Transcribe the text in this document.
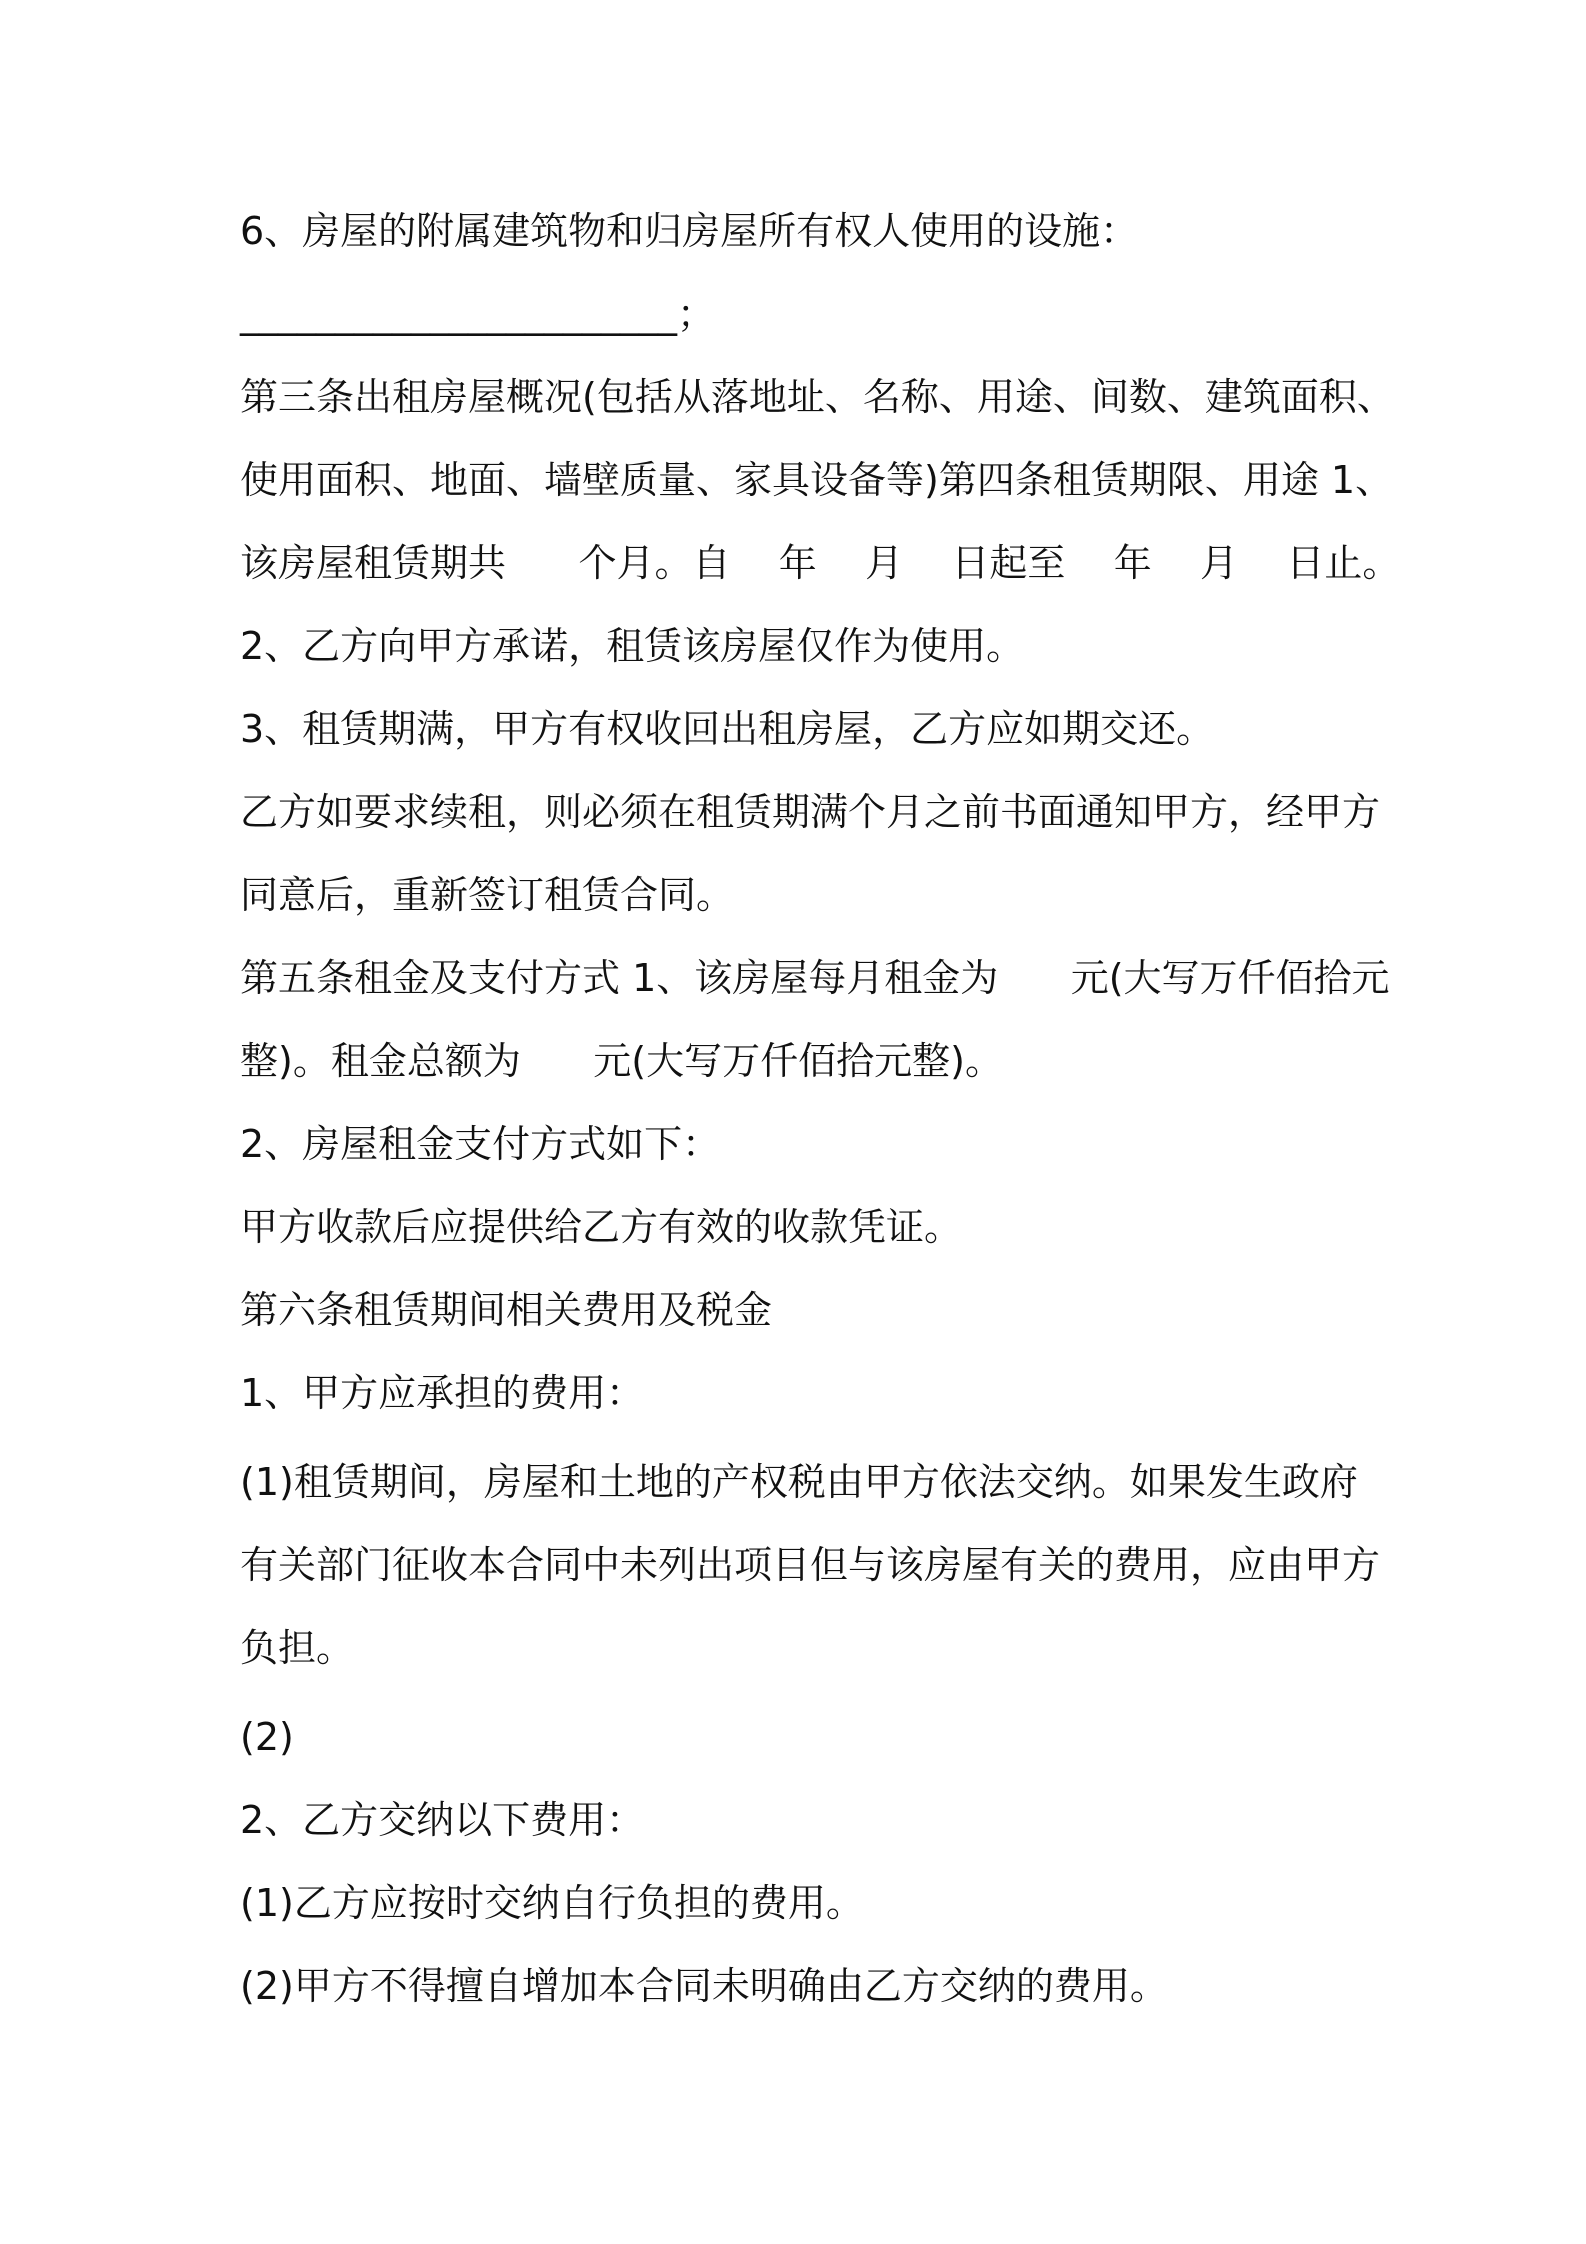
6、房屋的附属建筑物和归房屋所有权人使用的设施：
_______________________；
第三条出租房屋概况(包括从落地址、名称、用途、间数、建筑面积、
使用面积、地面、墙壁质量、家具设备等)第四条租赁期限、用途 1、
该房屋租赁期共      个月。自    年    月    日起至    年    月    日止。
2、乙方向甲方承诺，租赁该房屋仅作为使用。
3、租赁期满，甲方有权收回出租房屋，乙方应如期交还。
乙方如要求续租，则必须在租赁期满个月之前书面通知甲方，经甲方
同意后，重新签订租赁合同。
第五条租金及支付方式 1、该房屋每月租金为      元(大写万仟佰拾元
整)。租金总额为      元(大写万仟佰拾元整)。
2、房屋租金支付方式如下：
甲方收款后应提供给乙方有效的收款凭证。
第六条租赁期间相关费用及税金
1、甲方应承担的费用：
(1)租赁期间，房屋和土地的产权税由甲方依法交纳。如果发生政府
有关部门征收本合同中未列出项目但与该房屋有关的费用，应由甲方
负担。
(2)
2、乙方交纳以下费用：
(1)乙方应按时交纳自行负担的费用。
(2)甲方不得擅自增加本合同未明确由乙方交纳的费用。
